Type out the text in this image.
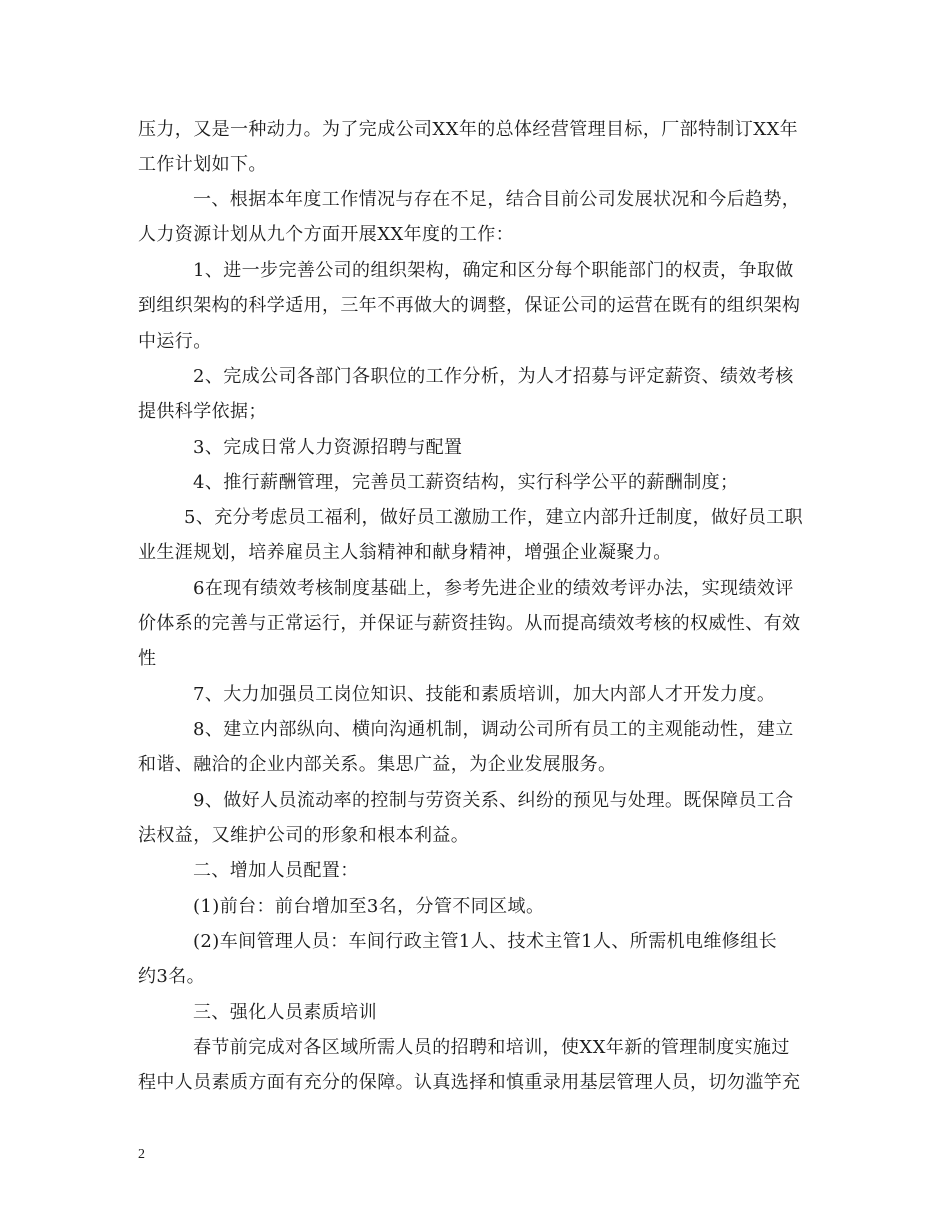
压力，又是一种动力。为了完成公司XX年的总体经营管理目标，厂部特制订XX年
工作计划如下。
一、根据本年度工作情况与存在不足，结合目前公司发展状况和今后趋势，
人力资源计划从九个方面开展XX年度的工作：
1、进一步完善公司的组织架构，确定和区分每个职能部门的权责，争取做
到组织架构的科学适用，三年不再做大的调整，保证公司的运营在既有的组织架构
中运行。
2、完成公司各部门各职位的工作分析，为人才招募与评定薪资、绩效考核
提供科学依据；
3、完成日常人力资源招聘与配置
4、推行薪酬管理，完善员工薪资结构，实行科学公平的薪酬制度；
5、充分考虑员工福利，做好员工激励工作，建立内部升迁制度，做好员工职
业生涯规划，培养雇员主人翁精神和献身精神，增强企业凝聚力。
6在现有绩效考核制度基础上，参考先进企业的绩效考评办法，实现绩效评
价体系的完善与正常运行，并保证与薪资挂钩。从而提高绩效考核的权威性、有效
性
7、大力加强员工岗位知识、技能和素质培训，加大内部人才开发力度。
8、建立内部纵向、横向沟通机制，调动公司所有员工的主观能动性，建立
和谐、融洽的企业内部关系。集思广益，为企业发展服务。
9、做好人员流动率的控制与劳资关系、纠纷的预见与处理。既保障员工合
法权益，又维护公司的形象和根本利益。
二、增加人员配置：
(1)前台：前台增加至3名，分管不同区域。
(2)车间管理人员：车间行政主管1人、技术主管1人、所需机电维修组长
约3名。
三、强化人员素质培训
春节前完成对各区域所需人员的招聘和培训，使XX年新的管理制度实施过
程中人员素质方面有充分的保障。认真选择和慎重录用基层管理人员，切勿滥竽充
2
